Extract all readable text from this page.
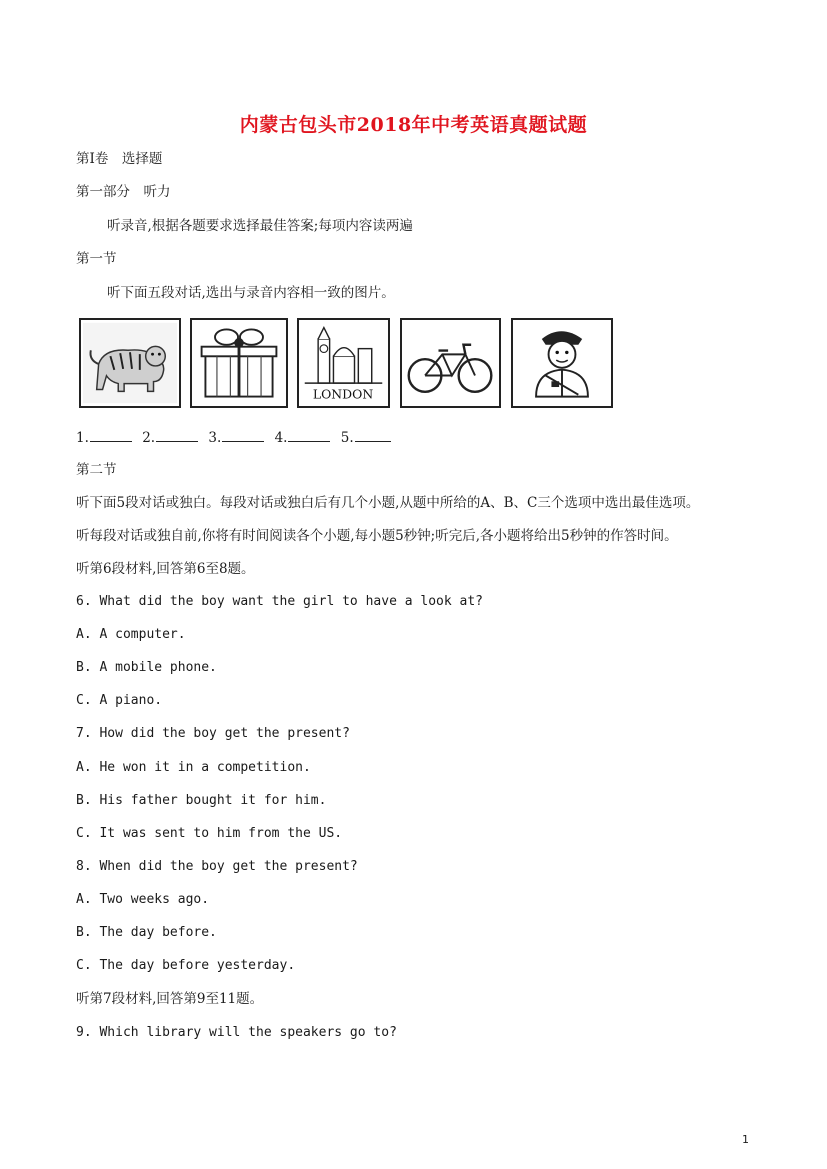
内蒙古包头市2018年中考英语真题试题
第Ⅰ卷　选择题
第一部分　听力
听录音,根据各题要求选择最佳答案;每项内容读两遍
第一节
听下面五段对话,选出与录音内容相一致的图片。
LONDON
1.	2.	3.	4.	5.
第二节
听下面5段对话或独白。每段对话或独白后有几个小题,从题中所给的A、B、C三个选项中选出最佳选项。
听每段对话或独自前,你将有时间阅读各个小题,每小题5秒钟;听完后,各小题将给出5秒钟的作答时间。
听第6段材料,回答第6至8题。
6. What did the boy want the girl to have a look at?
A. A computer.
B. A mobile phone.
C. A piano.
7. How did the boy get the present?
A. He won it in a competition.
B. His father bought it for him.
C. It was sent to him from the US.
8. When did the boy get the present?
A. Two weeks ago.
B. The day before.
C. The day before yesterday.
听第7段材料,回答第9至11题。
9. Which library will the speakers go to?
1
